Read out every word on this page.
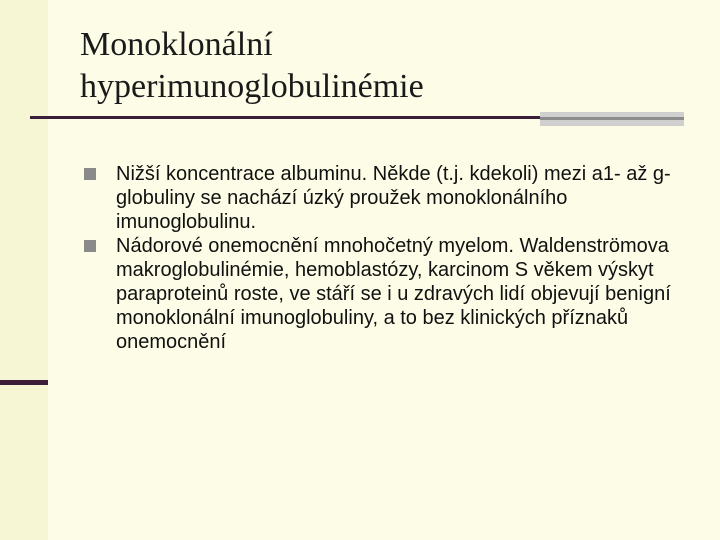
Monoklonální
hyperimunoglobulinémie
Nižší koncentrace albuminu. Někde (t.j. kdekoli) mezi a1- až g-globuliny se nachází úzký proužek monoklonálního imunoglobulinu.
Nádorové onemocnění mnohočetný myelom. Waldenströmova makroglobulinémie, hemoblastózy, karcinom S věkem výskyt paraproteinů roste, ve stáří se i u zdravých lidí objevují benigní monoklonální imunoglobuliny, a to bez klinických příznaků onemocnění
